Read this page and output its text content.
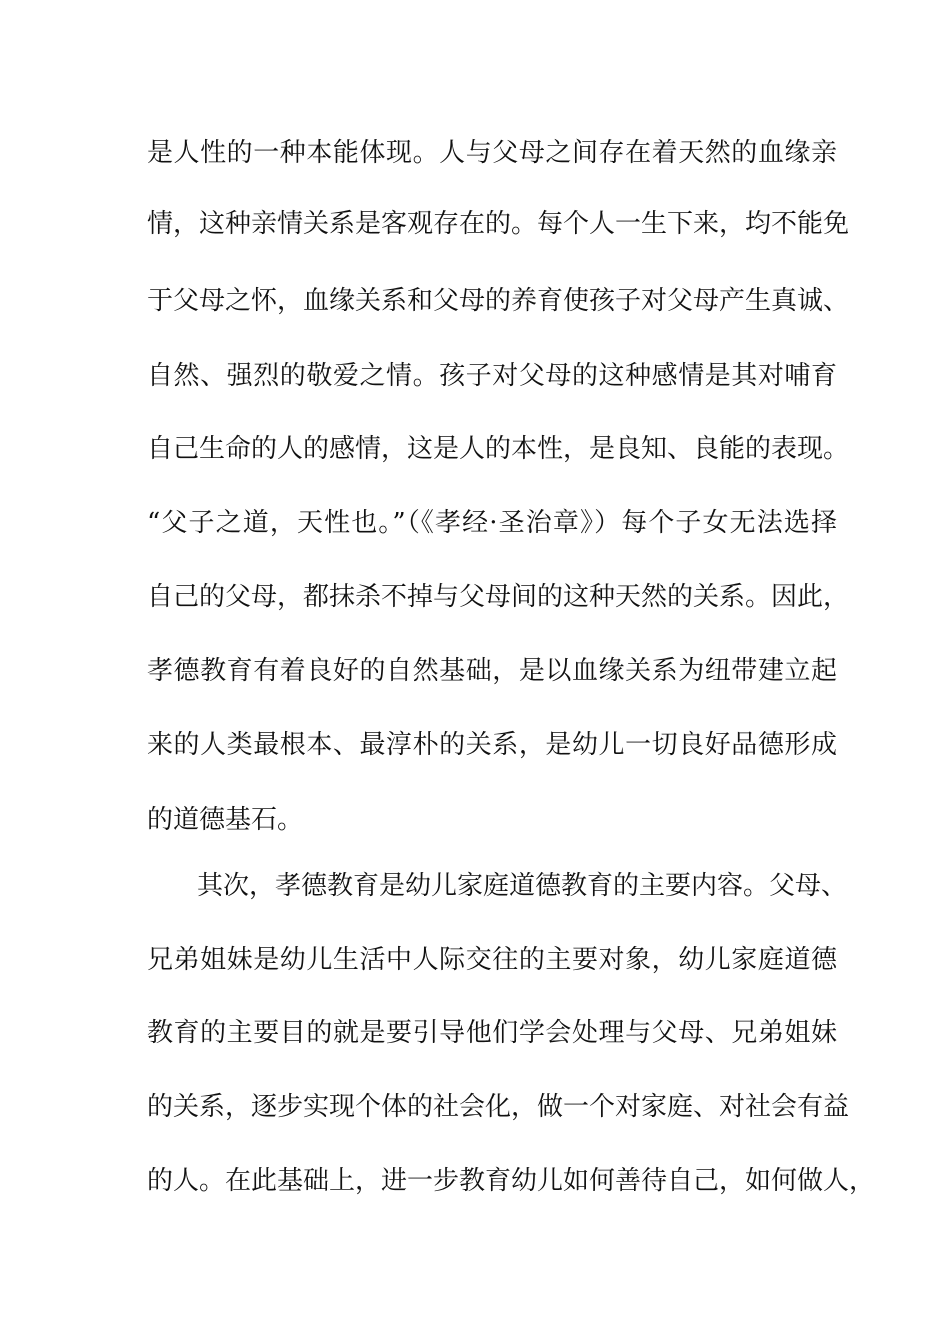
是人性的一种本能体现。人与父母之间存在着天然的血缘亲
情，这种亲情关系是客观存在的。每个人一生下来，均不能免
于父母之怀，血缘关系和父母的养育使孩子对父母产生真诚、
自然、强烈的敬爱之情。孩子对父母的这种感情是其对哺育
自己生命的人的感情，这是人的本性，是良知、良能的表现。
“父子之道，天性也。”（《孝经·圣治章》）每个子女无法选择
自己的父母，都抹杀不掉与父母间的这种天然的关系。因此，
孝德教育有着良好的自然基础，是以血缘关系为纽带建立起
来的人类最根本、最淳朴的关系，是幼儿一切良好品德形成
的道德基石。
其次，孝德教育是幼儿家庭道德教育的主要内容。父母、
兄弟姐妹是幼儿生活中人际交往的主要对象，幼儿家庭道德
教育的主要目的就是要引导他们学会处理与父母、兄弟姐妹
的关系，逐步实现个体的社会化，做一个对家庭、对社会有益
的人。在此基础上，进一步教育幼儿如何善待自己，如何做人，
